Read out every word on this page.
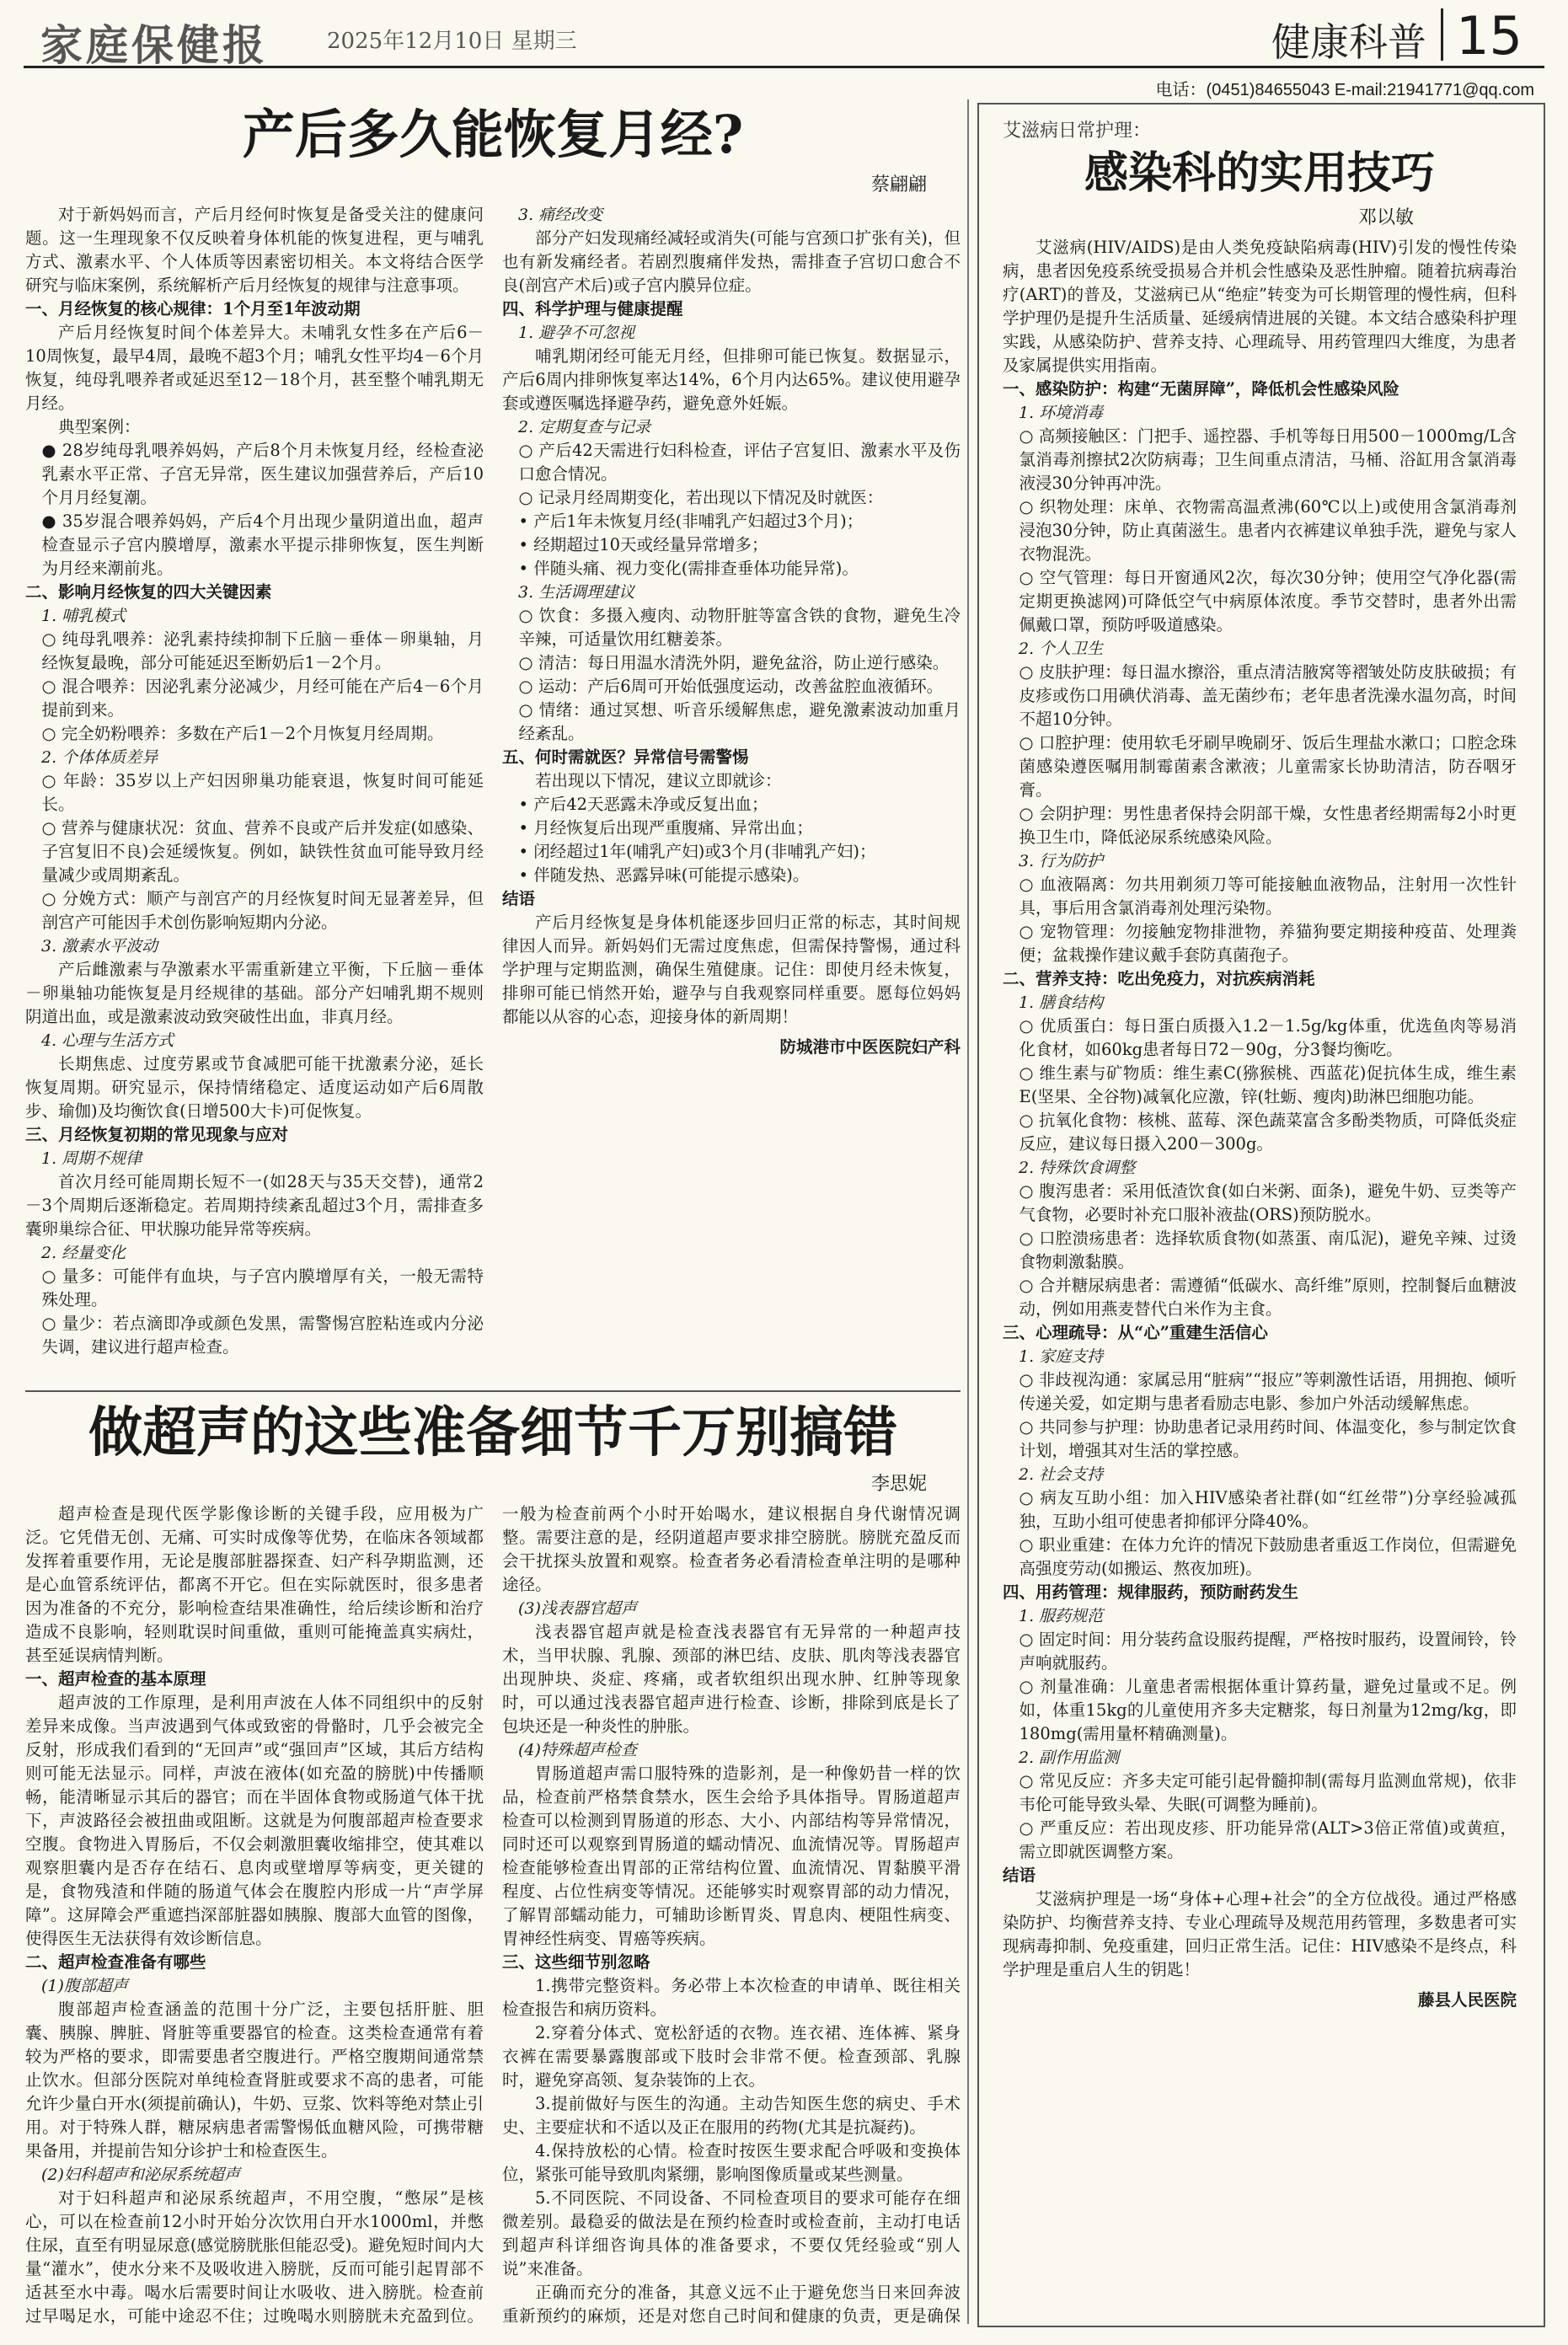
家庭保健报	2025年12月10日 星期三	健康科普 15
电话：(0451)84655043 E-mail:21941771@qq.com
产后多久能恢复月经?
蔡翩翩

对于新妈妈而言，产后月经何时恢复是备受关注的健康问题。这一生理现象不仅反映着身体机能的恢复进程，更与哺乳方式、激素水平、个人体质等因素密切相关。本文将结合医学研究与临床案例，系统解析产后月经恢复的规律与注意事项。

一、月经恢复的核心规律：1个月至1年波动期

产后月经恢复时间个体差异大。未哺乳女性多在产后6－10周恢复，最早4周，最晚不超3个月；哺乳女性平均4－6个月恢复，纯母乳喂养者或延迟至12－18个月，甚至整个哺乳期无月经。

典型案例：

● 28岁纯母乳喂养妈妈，产后8个月未恢复月经，经检查泌乳素水平正常、子宫无异常，医生建议加强营养后，产后10个月月经复潮。

● 35岁混合喂养妈妈，产后4个月出现少量阴道出血，超声检查显示子宫内膜增厚，激素水平提示排卵恢复，医生判断为月经来潮前兆。

二、影响月经恢复的四大关键因素
1. 哺乳模式

○ 纯母乳喂养：泌乳素持续抑制下丘脑－垂体－卵巢轴，月经恢复最晚，部分可能延迟至断奶后1－2个月。

○ 混合喂养：因泌乳素分泌减少，月经可能在产后4－6个月提前到来。

○ 完全奶粉喂养：多数在产后1－2个月恢复月经周期。

2. 个体体质差异

○ 年龄：35岁以上产妇因卵巢功能衰退，恢复时间可能延长。

○ 营养与健康状况：贫血、营养不良或产后并发症(如感染、子宫复旧不良)会延缓恢复。例如，缺铁性贫血可能导致月经量减少或周期紊乱。

○ 分娩方式：顺产与剖宫产的月经恢复时间无显著差异，但剖宫产可能因手术创伤影响短期内分泌。

3. 激素水平波动

产后雌激素与孕激素水平需重新建立平衡，下丘脑－垂体－卵巢轴功能恢复是月经规律的基础。部分产妇哺乳期不规则阴道出血，或是激素波动致突破性出血，非真月经。

4. 心理与生活方式

长期焦虑、过度劳累或节食减肥可能干扰激素分泌，延长恢复周期。研究显示，保持情绪稳定、适度运动如产后6周散步、瑜伽)及均衡饮食(日增500大卡)可促恢复。

三、月经恢复初期的常见现象与应对
1. 周期不规律

首次月经可能周期长短不一(如28天与35天交替)，通常2－3个周期后逐渐稳定。若周期持续紊乱超过3个月，需排查多囊卵巢综合征、甲状腺功能异常等疾病。

2. 经量变化

○ 量多：可能伴有血块，与子宫内膜增厚有关，一般无需特殊处理。

○ 量少：若点滴即净或颜色发黑，需警惕宫腔粘连或内分泌失调，建议进行超声检查。

3. 痛经改变

部分产妇发现痛经减轻或消失(可能与宫颈口扩张有关)，但也有新发痛经者。若剧烈腹痛伴发热，需排查子宫切口愈合不良(剖宫产术后)或子宫内膜异位症。

四、科学护理与健康提醒
1. 避孕不可忽视

哺乳期闭经可能无月经，但排卵可能已恢复。数据显示，产后6周内排卵恢复率达14%，6个月内达65%。建议使用避孕套或遵医嘱选择避孕药，避免意外妊娠。

2. 定期复查与记录

○ 产后42天需进行妇科检查，评估子宫复旧、激素水平及伤口愈合情况。

○ 记录月经周期变化，若出现以下情况及时就医：

• 产后1年未恢复月经(非哺乳产妇超过3个月)；

• 经期超过10天或经量异常增多；

• 伴随头痛、视力变化(需排查垂体功能异常)。

3. 生活调理建议

○ 饮食：多摄入瘦肉、动物肝脏等富含铁的食物，避免生冷辛辣，可适量饮用红糖姜茶。

○ 清洁：每日用温水清洗外阴，避免盆浴，防止逆行感染。

○ 运动：产后6周可开始低强度运动，改善盆腔血液循环。

○ 情绪：通过冥想、听音乐缓解焦虑，避免激素波动加重月经紊乱。

五、何时需就医？异常信号需警惕

若出现以下情况，建议立即就诊：

• 产后42天恶露未净或反复出血；

• 月经恢复后出现严重腹痛、异常出血；

• 闭经超过1年(哺乳产妇)或3个月(非哺乳产妇)；

• 伴随发热、恶露异味(可能提示感染)。

结语

产后月经恢复是身体机能逐步回归正常的标志，其时间规律因人而异。新妈妈们无需过度焦虑，但需保持警惕，通过科学护理与定期监测，确保生殖健康。记住：即使月经未恢复，排卵可能已悄然开始，避孕与自我观察同样重要。愿每位妈妈都能以从容的心态，迎接身体的新周期！

防城港市中医医院妇产科

做超声的这些准备细节千万别搞错
李思妮

超声检查是现代医学影像诊断的关键手段，应用极为广泛。它凭借无创、无痛、可实时成像等优势，在临床各领域都发挥着重要作用，无论是腹部脏器探查、妇产科孕期监测，还是心血管系统评估，都离不开它。但在实际就医时，很多患者因为准备的不充分，影响检查结果准确性，给后续诊断和治疗造成不良影响，轻则耽误时间重做，重则可能掩盖真实病灶，甚至延误病情判断。

一、超声检查的基本原理

超声波的工作原理，是利用声波在人体不同组织中的反射差异来成像。当声波遇到气体或致密的骨骼时，几乎会被完全反射，形成我们看到的“无回声”或“强回声”区域，其后方结构则可能无法显示。同样，声波在液体(如充盈的膀胱)中传播顺畅，能清晰显示其后的器官；而在半固体食物或肠道气体干扰下，声波路径会被扭曲或阻断。这就是为何腹部超声检查要求空腹。食物进入胃肠后，不仅会刺激胆囊收缩排空，使其难以观察胆囊内是否存在结石、息肉或壁增厚等病变，更关键的是，食物残渣和伴随的肠道气体会在腹腔内形成一片“声学屏障”。这屏障会严重遮挡深部脏器如胰腺、腹部大血管的图像，使得医生无法获得有效诊断信息。

二、超声检查准备有哪些
(1)腹部超声

腹部超声检查涵盖的范围十分广泛，主要包括肝脏、胆囊、胰腺、脾脏、肾脏等重要器官的检查。这类检查通常有着较为严格的要求，即需要患者空腹进行。严格空腹期间通常禁止饮水。但部分医院对单纯检查肾脏或要求不高的患者，可能允许少量白开水(须提前确认)，牛奶、豆浆、饮料等绝对禁止引用。对于特殊人群，糖尿病患者需警惕低血糖风险，可携带糖果备用，并提前告知分诊护士和检查医生。

(2)妇科超声和泌尿系统超声

对于妇科超声和泌尿系统超声，不用空腹，“憋尿”是核心，可以在检查前12小时开始分次饮用白开水1000ml，并憋住尿，直至有明显尿意(感觉膀胱胀但能忍受)。避免短时间内大量“灌水”，使水分来不及吸收进入膀胱，反而可能引起胃部不适甚至水中毒。喝水后需要时间让水吸收、进入膀胱。检查前过早喝足水，可能中途忍不住；过晚喝水则膀胱未充盈到位。一般为检查前两个小时开始喝水，建议根据自身代谢情况调整。需要注意的是，经阴道超声要求排空膀胱。膀胱充盈反而会干扰探头放置和观察。检查者务必看清检查单注明的是哪种途径。

(3)浅表器官超声

浅表器官超声就是检查浅表器官有无异常的一种超声技术，当甲状腺、乳腺、颈部的淋巴结、皮肤、肌肉等浅表器官出现肿块、炎症、疼痛，或者软组织出现水肿、红肿等现象时，可以通过浅表器官超声进行检查、诊断，排除到底是长了包块还是一种炎性的肿胀。

(4)特殊超声检查

胃肠道超声需口服特殊的造影剂，是一种像奶昔一样的饮品，检查前严格禁食禁水，医生会给予具体指导。胃肠道超声检查可以检测到胃肠道的形态、大小、内部结构等异常情况，同时还可以观察到胃肠道的蠕动情况、血流情况等。胃肠超声检查能够检查出胃部的正常结构位置、血流情况、胃黏膜平滑程度、占位性病变等情况。还能够实时观察胃部的动力情况，了解胃部蠕动能力，可辅助诊断胃炎、胃息肉、梗阻性病变、胃神经性病变、胃癌等疾病。

三、这些细节别忽略

1.携带完整资料。务必带上本次检查的申请单、既往相关检查报告和病历资料。

2.穿着分体式、宽松舒适的衣物。连衣裙、连体裤、紧身衣裤在需要暴露腹部或下肢时会非常不便。检查颈部、乳腺时，避免穿高领、复杂装饰的上衣。

3.提前做好与医生的沟通。主动告知医生您的病史、手术史、主要症状和不适以及正在服用的药物(尤其是抗凝药)。

4.保持放松的心情。检查时按医生要求配合呼吸和变换体位，紧张可能导致肌肉紧绷，影响图像质量或某些测量。

5.不同医院、不同设备、不同检查项目的要求可能存在细微差别。最稳妥的做法是在预约检查时或检查前，主动打电话到超声科详细咨询具体的准备要求，不要仅凭经验或“别人说”来准备。

正确而充分的准备，其意义远不止于避免您当日来回奔波重新预约的麻烦，还是对您自己时间和健康的负责，更是确保

艾滋病日常护理：
感染科的实用技巧
邓以敏

艾滋病(HIV/AIDS)是由人类免疫缺陷病毒(HIV)引发的慢性传染病，患者因免疫系统受损易合并机会性感染及恶性肿瘤。随着抗病毒治疗(ART)的普及，艾滋病已从“绝症”转变为可长期管理的慢性病，但科学护理仍是提升生活质量、延缓病情进展的关键。本文结合感染科护理实践，从感染防护、营养支持、心理疏导、用药管理四大维度，为患者及家属提供实用指南。

一、感染防护：构建“无菌屏障”，降低机会性感染风险
1. 环境消毒

○ 高频接触区：门把手、遥控器、手机等每日用500－1000mg/L含氯消毒剂擦拭2次防病毒；卫生间重点清洁，马桶、浴缸用含氯消毒液浸30分钟再冲洗。

○ 织物处理：床单、衣物需高温煮沸(60℃以上)或使用含氯消毒剂浸泡30分钟，防止真菌滋生。患者内衣裤建议单独手洗，避免与家人衣物混洗。

○ 空气管理：每日开窗通风2次，每次30分钟；使用空气净化器(需定期更换滤网)可降低空气中病原体浓度。季节交替时，患者外出需佩戴口罩，预防呼吸道感染。

2. 个人卫生

○ 皮肤护理：每日温水擦浴，重点清洁腋窝等褶皱处防皮肤破损；有皮疹或伤口用碘伏消毒、盖无菌纱布；老年患者洗澡水温勿高，时间不超10分钟。

○ 口腔护理：使用软毛牙刷早晚刷牙、饭后生理盐水漱口；口腔念珠菌感染遵医嘱用制霉菌素含漱液；儿童需家长协助清洁，防吞咽牙膏。

○ 会阴护理：男性患者保持会阴部干燥，女性患者经期需每2小时更换卫生巾，降低泌尿系统感染风险。

3. 行为防护

○ 血液隔离：勿共用剃须刀等可能接触血液物品，注射用一次性针具，事后用含氯消毒剂处理污染物。

○ 宠物管理：勿接触宠物排泄物，养猫狗要定期接种疫苗、处理粪便；盆栽操作建议戴手套防真菌孢子。

二、营养支持：吃出免疫力，对抗疾病消耗
1. 膳食结构

○ 优质蛋白：每日蛋白质摄入1.2－1.5g/kg体重，优选鱼肉等易消化食材，如60kg患者每日72－90g，分3餐均衡吃。

○ 维生素与矿物质：维生素C(猕猴桃、西蓝花)促抗体生成，维生素E(坚果、全谷物)减氧化应激，锌(牡蛎、瘦肉)助淋巴细胞功能。

○ 抗氧化食物：核桃、蓝莓、深色蔬菜富含多酚类物质，可降低炎症反应，建议每日摄入200－300g。

2. 特殊饮食调整

○ 腹泻患者：采用低渣饮食(如白米粥、面条)，避免牛奶、豆类等产气食物，必要时补充口服补液盐(ORS)预防脱水。

○ 口腔溃疡患者：选择软质食物(如蒸蛋、南瓜泥)，避免辛辣、过烫食物刺激黏膜。

○ 合并糖尿病患者：需遵循“低碳水、高纤维”原则，控制餐后血糖波动，例如用燕麦替代白米作为主食。

三、心理疏导：从“心”重建生活信心
1. 家庭支持

○ 非歧视沟通：家属忌用“脏病”“报应”等刺激性话语，用拥抱、倾听传递关爱，如定期与患者看励志电影、参加户外活动缓解焦虑。

○ 共同参与护理：协助患者记录用药时间、体温变化，参与制定饮食计划，增强其对生活的掌控感。

2. 社会支持

○ 病友互助小组：加入HIV感染者社群(如“红丝带”)分享经验减孤独，互助小组可使患者抑郁评分降40%。

○ 职业重建：在体力允许的情况下鼓励患者重返工作岗位，但需避免高强度劳动(如搬运、熬夜加班)。

四、用药管理：规律服药，预防耐药发生
1. 服药规范

○ 固定时间：用分装药盒设服药提醒，严格按时服药，设置闹铃，铃声响就服药。

○ 剂量准确：儿童患者需根据体重计算药量，避免过量或不足。例如，体重15kg的儿童使用齐多夫定糖浆，每日剂量为12mg/kg，即180mg(需用量杯精确测量)。

2. 副作用监测

○ 常见反应：齐多夫定可能引起骨髓抑制(需每月监测血常规)，依非韦伦可能导致头晕、失眠(可调整为睡前)。

○ 严重反应：若出现皮疹、肝功能异常(ALT>3倍正常值)或黄疸，需立即就医调整方案。

结语

艾滋病护理是一场“身体+心理+社会”的全方位战役。通过严格感染防护、均衡营养支持、专业心理疏导及规范用药管理，多数患者可实现病毒抑制、免疫重建，回归正常生活。记住：HIV感染不是终点，科学护理是重启人生的钥匙！

藤县人民医院
